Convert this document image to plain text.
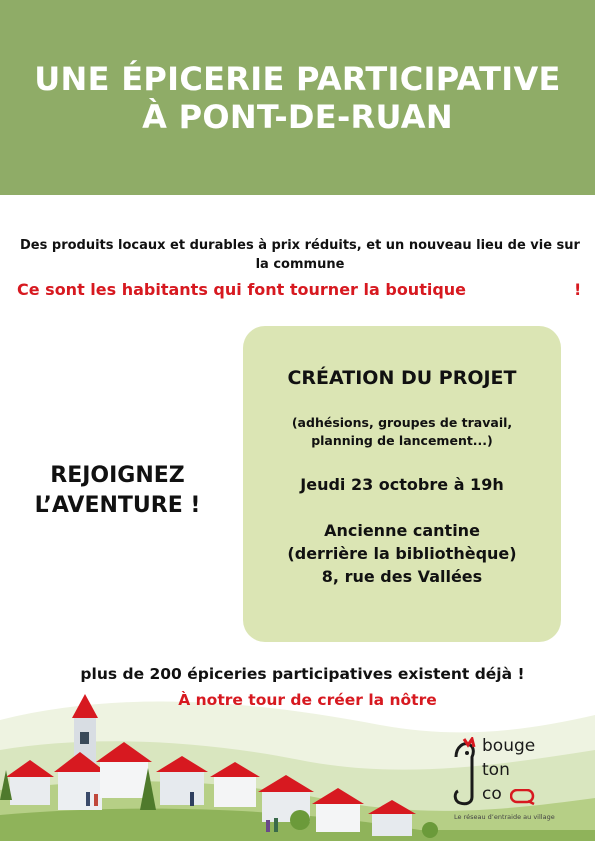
UNE ÉPICERIE PARTICIPATIVE
À PONT-DE-RUAN
Des produits locaux et durables à prix réduits, et un nouveau lieu de vie sur la commune
Ce sont les habitants qui font tourner la boutique	!
REJOIGNEZ
L’AVENTURE !
CRÉATION DU PROJET
(adhésions, groupes de travail,
planning de lancement...)
Jeudi 23 octobre à 19h
Ancienne cantine
(derrière la bibliothèque)
8, rue des Vallées
plus de 200 épiceries participatives existent déjà !
À notre tour de créer la nôtre
bouge
ton
co
Le réseau d’entraide au village
